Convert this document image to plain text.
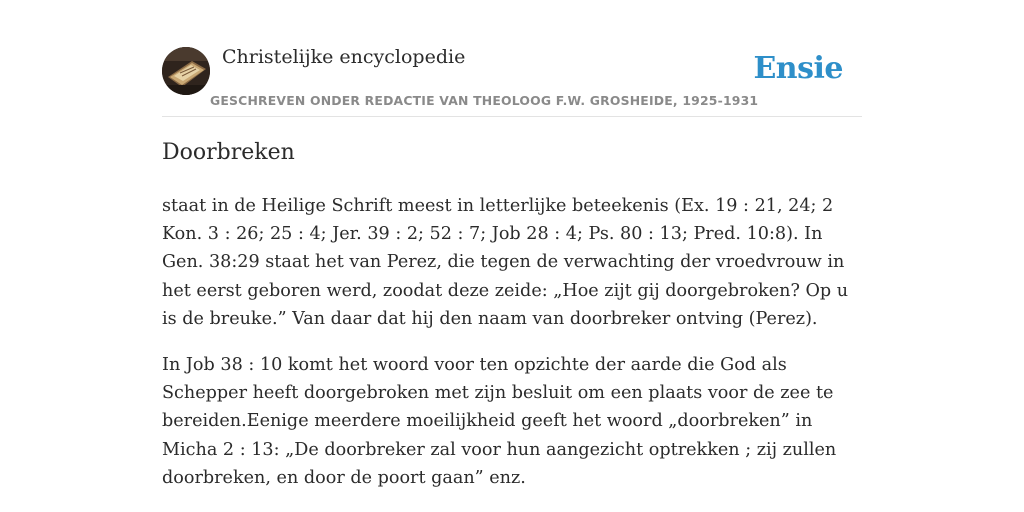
Christelijke encyclopedie
GESCHREVEN ONDER REDACTIE VAN THEOLOOG F.W. GROSHEIDE, 1925-1931
Ensie
Doorbreken

staat in de Heilige Schrift meest in letterlijke beteekenis (Ex. 19 : 21, 24; 2 Kon. 3 : 26; 25 : 4; Jer. 39 : 2; 52 : 7; Job 28 : 4; Ps. 80 : 13; Pred. 10:8). In Gen. 38:29 staat het van Perez, die tegen de verwachting der vroedvrouw in het eerst geboren werd, zoodat deze zeide: „Hoe zijt gij doorgebroken? Op u is de breuke.” Van daar dat hij den naam van doorbreker ontving (Perez).

In Job 38 : 10 komt het woord voor ten opzichte der aarde die God als Schepper heeft doorgebroken met zijn besluit om een plaats voor de zee te bereiden.Eenige meerdere moeilijkheid geeft het woord „doorbreken” in Micha 2 : 13: „De doorbreker zal voor hun aangezicht optrekken ; zij zullen doorbreken, en door de poort gaan” enz.
